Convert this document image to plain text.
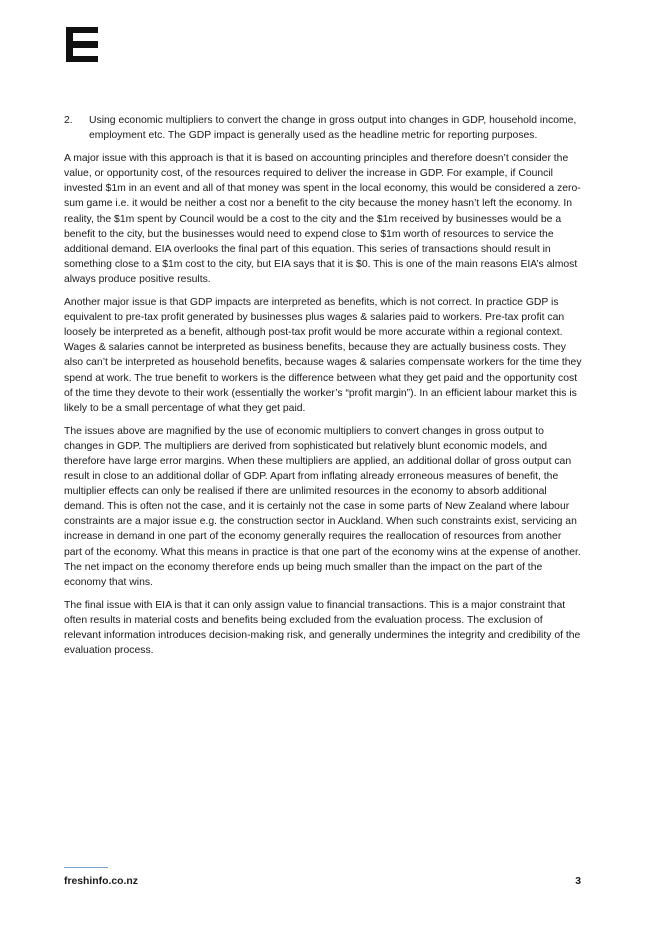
2. Using economic multipliers to convert the change in gross output into changes in GDP, household income, employment etc. The GDP impact is generally used as the headline metric for reporting purposes.

A major issue with this approach is that it is based on accounting principles and therefore doesn’t consider the value, or opportunity cost, of the resources required to deliver the increase in GDP. For example, if Council invested $1m in an event and all of that money was spent in the local economy, this would be considered a zero-sum game i.e. it would be neither a cost nor a benefit to the city because the money hasn’t left the economy. In reality, the $1m spent by Council would be a cost to the city and the $1m received by businesses would be a benefit to the city, but the businesses would need to expend close to $1m worth of resources to service the additional demand. EIA overlooks the final part of this equation. This series of transactions should result in something close to a $1m cost to the city, but EIA says that it is $0. This is one of the main reasons EIA’s almost always produce positive results.

Another major issue is that GDP impacts are interpreted as benefits, which is not correct. In practice GDP is equivalent to pre-tax profit generated by businesses plus wages & salaries paid to workers. Pre-tax profit can loosely be interpreted as a benefit, although post-tax profit would be more accurate within a regional context. Wages & salaries cannot be interpreted as business benefits, because they are actually business costs. They also can’t be interpreted as household benefits, because wages & salaries compensate workers for the time they spend at work. The true benefit to workers is the difference between what they get paid and the opportunity cost of the time they devote to their work (essentially the worker’s “profit margin”). In an efficient labour market this is likely to be a small percentage of what they get paid.

The issues above are magnified by the use of economic multipliers to convert changes in gross output to changes in GDP. The multipliers are derived from sophisticated but relatively blunt economic models, and therefore have large error margins. When these multipliers are applied, an additional dollar of gross output can result in close to an additional dollar of GDP. Apart from inflating already erroneous measures of benefit, the multiplier effects can only be realised if there are unlimited resources in the economy to absorb additional demand. This is often not the case, and it is certainly not the case in some parts of New Zealand where labour constraints are a major issue e.g. the construction sector in Auckland. When such constraints exist, servicing an increase in demand in one part of the economy generally requires the reallocation of resources from another part of the economy. What this means in practice is that one part of the economy wins at the expense of another. The net impact on the economy therefore ends up being much smaller than the impact on the part of the economy that wins.

The final issue with EIA is that it can only assign value to financial transactions. This is a major constraint that often results in material costs and benefits being excluded from the evaluation process. The exclusion of relevant information introduces decision-making risk, and generally undermines the integrity and credibility of the evaluation process.

freshinfo.co.nz	3
